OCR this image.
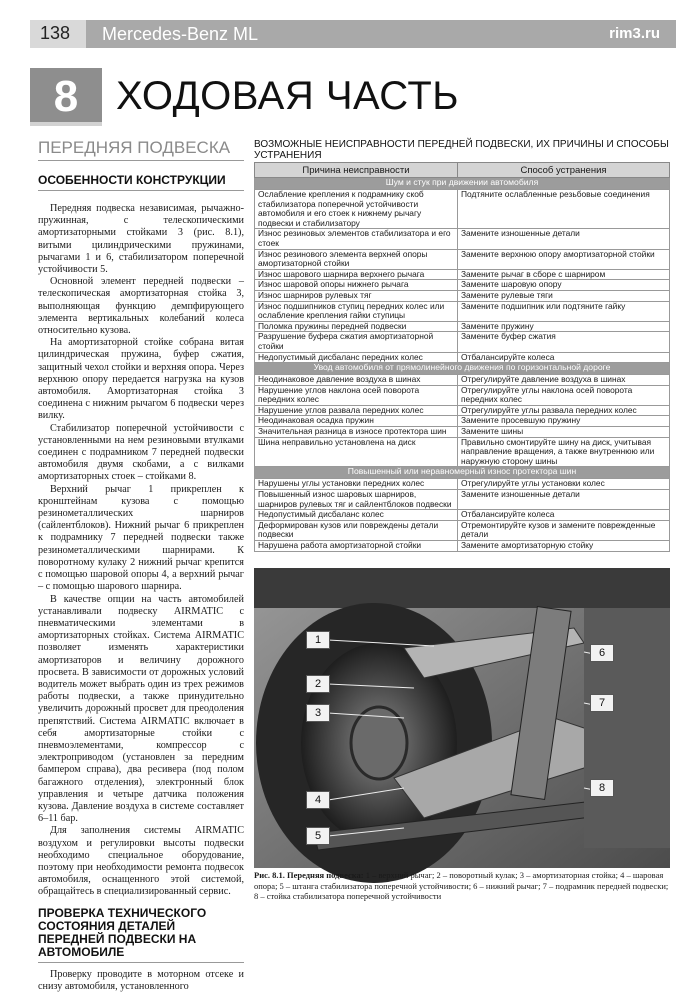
138	Mercedes-Benz ML	rim3.ru
8 ХОДОВАЯ ЧАСТЬ
ПЕРЕДНЯЯ ПОДВЕСКА
ОСОБЕННОСТИ КОНСТРУКЦИИ

Передняя подвеска независимая, рычажно-пружинная, с телескопическими амортизаторными стойками 3 (рис. 8.1), витыми цилиндрическими пружинами, рычагами 1 и 6, стабилизатором поперечной устойчивости 5.

Основной элемент передней подвески – телескопическая амортизаторная стойка 3, выполняющая функцию демпфирующего элемента вертикальных колебаний колеса относительно кузова.

На амортизаторной стойке собрана витая цилиндрическая пружина, буфер сжатия, защитный чехол стойки и верхняя опора. Через верхнюю опору передается нагрузка на кузов автомобиля. Амортизаторная стойка 3 соединена с нижним рычагом 6 подвески через вилку.

Стабилизатор поперечной устойчивости с установленными на нем резиновыми втулками соединен с подрамником 7 передней подвески автомобиля двумя скобами, а с вилками амортизаторных стоек – стойками 8.

Верхний рычаг 1 прикреплен к кронштейнам кузова с помощью резинометаллических шарниров (сайлентблоков). Нижний рычаг 6 прикреплен к подрамнику 7 передней подвески также резинометаллическими шарнирами. К поворотному кулаку 2 нижний рычаг крепится с помощью шаровой опоры 4, а верхний рычаг – с помощью шарового шарнира.

В качестве опции на часть автомобилей устанавливали подвеску AIRMATIC с пневматическими элементами в амортизаторных стойках. Система AIRMATIC позволяет изменять характеристики амортизаторов и величину дорожного просвета. В зависимости от дорожных условий водитель может выбрать один из трех режимов работы подвески, а также принудительно увеличить дорожный просвет для преодоления препятствий. Система AIRMATIC включает в себя амортизаторные стойки с пневмоэлементами, компрессор с электроприводом (установлен за передним бампером справа), два ресивера (под полом багажного отделения), электронный блок управления и четыре датчика положения кузова. Давление воздуха в системе составляет 6–11 бар.

Для заполнения системы AIRMATIC воздухом и регулировки высоты подвески необходимо специальное оборудование, поэтому при необходимости ремонта подвесок автомобиля, оснащенного этой системой, обращайтесь в специализированный сервис.

ПРОВЕРКА ТЕХНИЧЕСКОГО СОСТОЯНИЯ ДЕТАЛЕЙ ПЕРЕДНЕЙ ПОДВЕСКИ НА АВТОМОБИЛЕ

Проверку проводите в моторном отсеке и снизу автомобиля, установленного

ВОЗМОЖНЫЕ НЕИСПРАВНОСТИ ПЕРЕДНЕЙ ПОДВЕСКИ, ИХ ПРИЧИНЫ И СПОСОБЫ УСТРАНЕНИЯ
Причина неисправности	Способ устранения
Шум и стук при движении автомобиля	
Ослабление крепления к подрамнику скоб стабилизатора поперечной устойчивости автомобиля и его стоек к нижнему рычагу подвески и стабилизатору	Подтяните ослабленные резьбовые соединения
Износ резиновых элементов стабилизатора и его стоек	Замените изношенные детали
Износ резинового элемента верхней опоры амортизаторной стойки	Замените верхнюю опору амортизаторной стойки
Износ шарового шарнира верхнего рычага	Замените рычаг в сборе с шарниром
Износ шаровой опоры нижнего рычага	Замените шаровую опору
Износ шарниров рулевых тяг	Замените рулевые тяги
Износ подшипников ступиц передних колес или ослабление крепления гайки ступицы	Замените подшипник или подтяните гайку
Поломка пружины передней подвески	Замените пружину
Разрушение буфера сжатия амортизаторной стойки	Замените буфер сжатия
Недопустимый дисбаланс передних колес	Отбалансируйте колеса
Увод автомобиля от прямолинейного движения по горизонтальной дороге	
Неодинаковое давление воздуха в шинах	Отрегулируйте давление воздуха в шинах
Нарушение углов наклона осей поворота передних колес	Отрегулируйте углы наклона осей поворота передних колес
Нарушение углов развала передних колес	Отрегулируйте углы развала передних колес
Неодинаковая осадка пружин	Замените просевшую пружину
Значительная разница в износе протектора шин	Замените шины
Шина неправильно установлена на диск	Правильно смонтируйте шину на диск, учитывая направление вращения, а также внутреннюю или наружную сторону шины
Повышенный или неравномерный износ протектора шин	
Нарушены углы установки передних колес	Отрегулируйте углы установки колес
Повышенный износ шаровых шарниров, шарниров рулевых тяг и сайлентблоков подвески	Замените изношенные детали
Недопустимый дисбаланс колес	Отбалансируйте колеса
Деформирован кузов или повреждены детали подвески	Отремонтируйте кузов и замените поврежденные детали
Нарушена работа амортизаторной стойки	Замените амортизаторную стойку
1
2
3
4
5
6
7
8
Рис. 8.1. Передняя подвеска: 1 – верхний рычаг; 2 – поворотный кулак; 3 – амортизаторная стойка; 4 – шаровая опора; 5 – штанга стабилизатора поперечной устойчивости; 6 – нижний рычаг; 7 – подрамник передней подвески; 8 – стойка стабилизатора поперечной устойчивости
